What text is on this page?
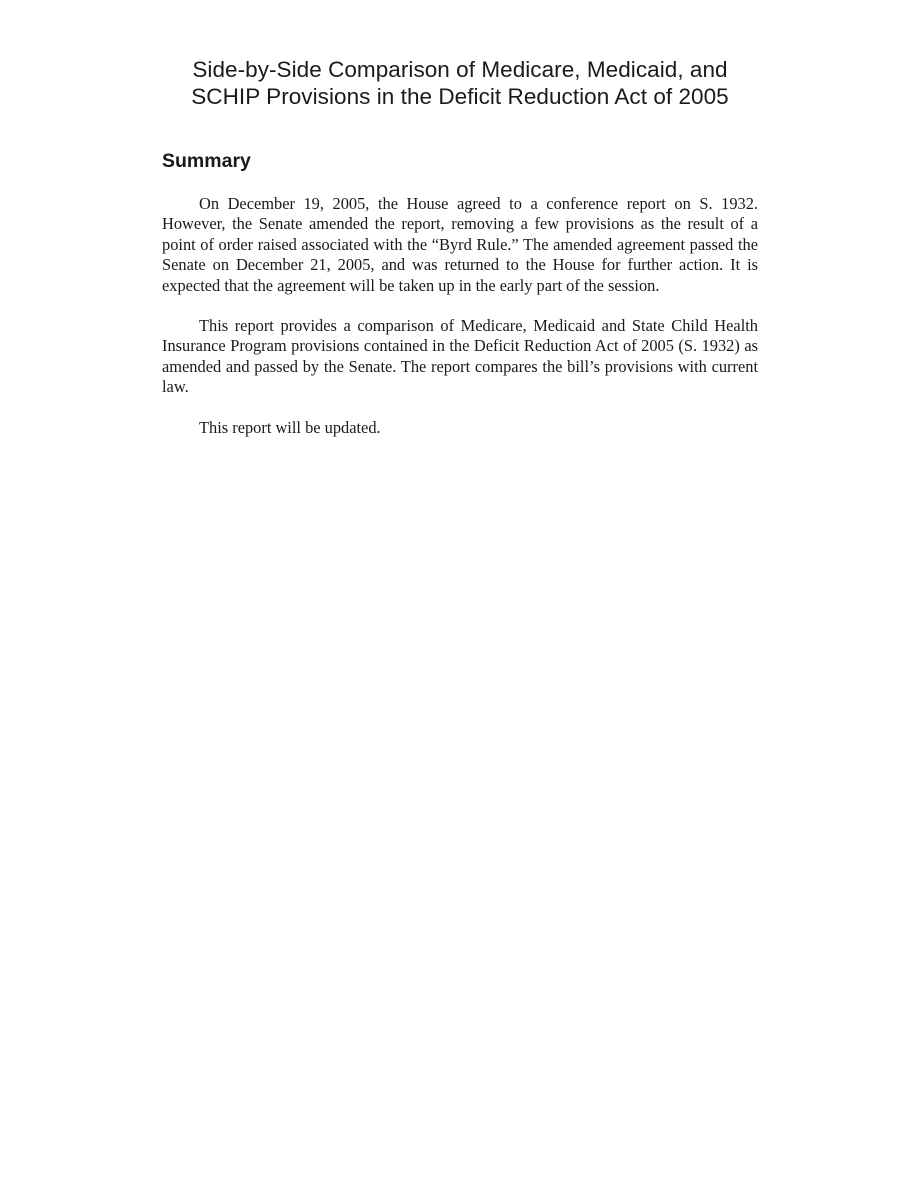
Side-by-Side Comparison of Medicare, Medicaid, and
SCHIP Provisions in the Deficit Reduction Act of 2005
Summary

On December 19, 2005, the House agreed to a conference report on S. 1932. However, the Senate amended the report, removing a few provisions as the result of a point of order raised associated with the “Byrd Rule.” The amended agreement passed the Senate on December 21, 2005, and was returned to the House for further action. It is expected that the agreement will be taken up in the early part of the session.

This report provides a comparison of Medicare, Medicaid and State Child Health Insurance Program provisions contained in the Deficit Reduction Act of 2005 (S. 1932) as amended and passed by the Senate. The report compares the bill’s provisions with current law.

This report will be updated.
